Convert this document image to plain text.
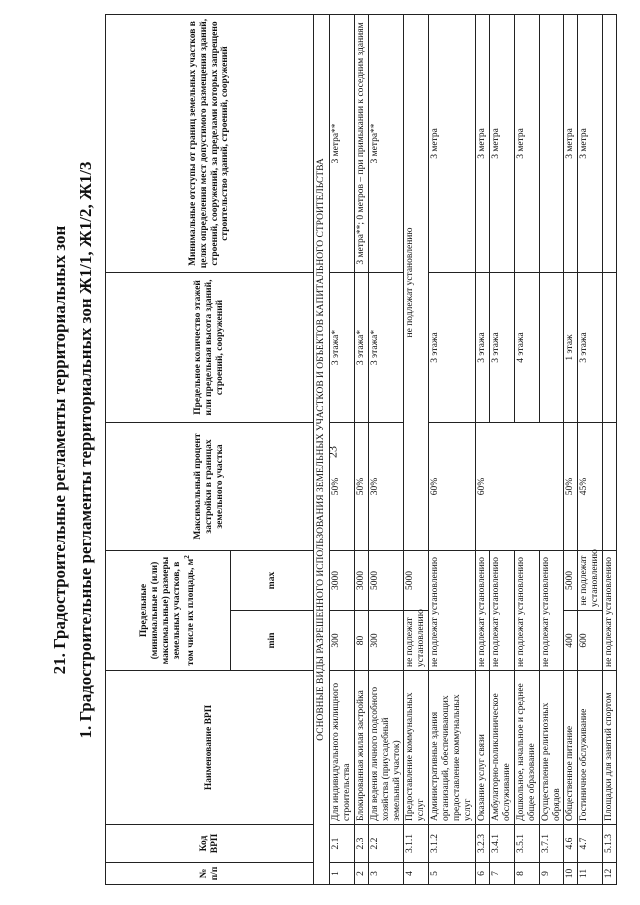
23
21. Градостроительные регламенты территориальных зон 1. Градостроительные регламенты территориальных зон Ж1/1, Ж1/2, Ж1/3
№ п/п	Код ВРП	Наименование ВРП	Предельные (минимальные и (или) максимальные) размеры земельных участков, в том числе их площадь, $м^2$		Максимальный процент застройки в границах земельного участка	Предельное количество этажей или предельная высота зданий, строений, сооружений	Минимальные отступы от границ земельных участков в целях определения мест допустимого размещения зданий, строений, сооружений, за пределами которых запрещено строительство зданий, строений, сооружений
			min	max			
ОСНОВНЫЕ ВИДЫ РАЗРЕШЕННОГО ИСПОЛЬЗОВАНИЯ ЗЕМЕЛЬНЫХ УЧАСТКОВ И ОБЪЕКТОВ КАПИТАЛЬНОГО СТРОИТЕЛЬСТВА							
1	2.1	Для индивидуального жилищного строительства	300	3000	50%	3 этажа*	3 метра**
2	2.3	Блокированная жилая застройка	80	3000	50%	3 этажа*	3 метра**; 0 метров – при примыкании к соседним зданиям
3	2.2	Для ведения личного подсобного хозяйства (приусадебный земельный участок)	300	5000	30%	3 этажа*	3 метра**
4	3.1.1	Предоставление коммунальных услуг	не подлежат установлению	5000	не подлежат установлению		
5	3.1.2	Административные здания организаций, обеспечивающих предоставление коммунальных услуг	не подлежат установлению		60%	3 этажа	3 метра
6	3.2.3	Оказание услуг связи	не подлежат установлению		60%	3 этажа	3 метра
7	3.4.1	Амбулаторно-поликлиническое обслуживание	не подлежат установлению			3 этажа	3 метра
8	3.5.1	Дошкольное, начальное и среднее общее образование	не подлежат установлению			4 этажа	3 метра
9	3.7.1	Осуществление религиозных обрядов	не подлежат установлению				
10	4.6	Общественное питание	400	5000	50%	1 этаж	3 метра
11	4.7	Гостиничное обслуживание	600	не подлежат установлению	45%	3 этажа	3 метра
12	5.1.3	Площадки для занятий спортом	не подлежат установлению				
